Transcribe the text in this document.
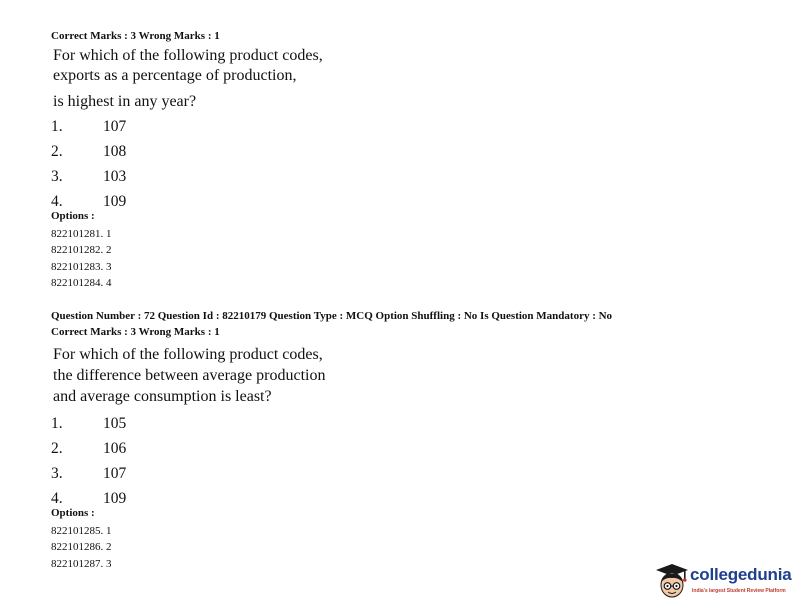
Correct Marks : 3 Wrong Marks : 1
For which of the following product codes,
exports as a percentage of production,
is highest in any year?
1.	107
2.	108
3.	103
4.	109
Options :
822101281. 1
822101282. 2
822101283. 3
822101284. 4
Question Number : 72 Question Id : 82210179 Question Type : MCQ Option Shuffling : No Is Question Mandatory : No
Correct Marks : 3 Wrong Marks : 1
For which of the following product codes,
the difference between average production
and average consumption is least?
1.	105
2.	106
3.	107
4.	109
Options :
822101285. 1
822101286. 2
822101287. 3
collegedunia
India's largest Student Review Platform
